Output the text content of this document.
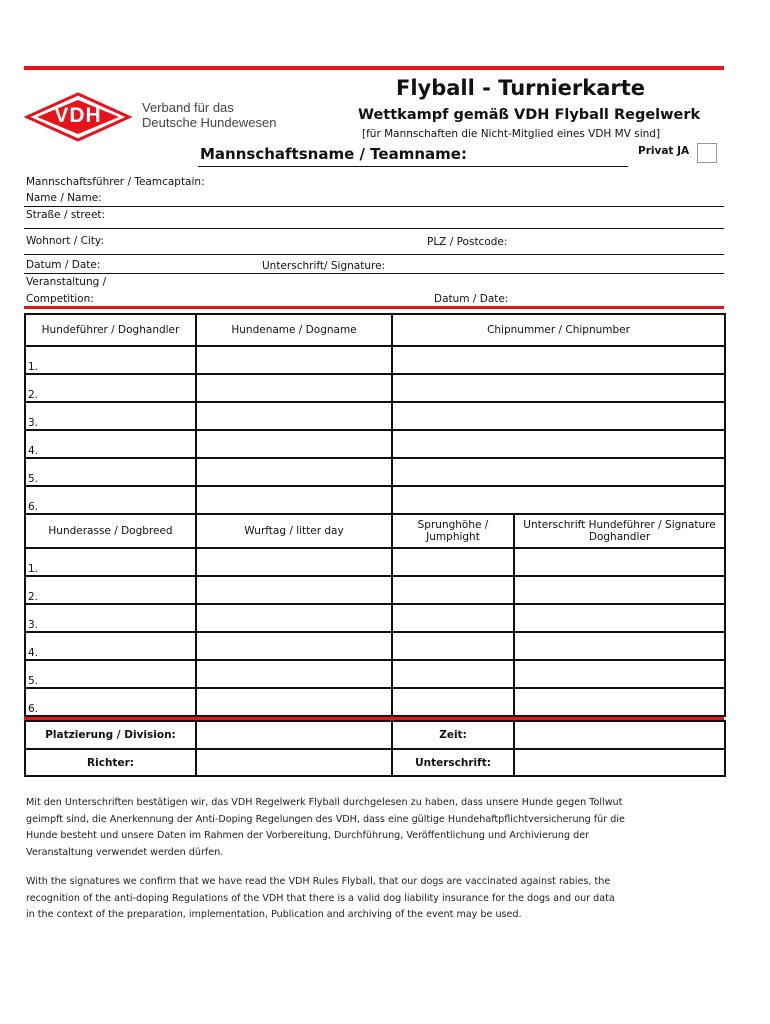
VDH	Verband für das
Deutsche Hundewesen
Flyball - Turnierkarte
Wettkampf gemäß VDH Flyball Regelwerk
[für Mannschaften die Nicht-Mitglied eines VDH MV sind]
Privat JA
Mannschaftsname / Teamname:
Mannschaftsführer / Teamcaptain:
Name / Name:
Straße / street:
Wohnort / City:	PLZ / Postcode:
Datum / Date:	Unterschrift/ Signature:
Veranstaltung /
Competition:	Datum / Date:
Hundeführer / Doghandler	Hundename / Dogname	Chipnummer / Chipnumber
1.		
2.		
3.		
4.		
5.		
6.		
Hunderasse / Dogbreed	Wurftag / litter day	Sprunghöhe / Jumphight	Unterschrift Hundeführer / Signature Doghandler
1.			
2.			
3.			
4.			
5.			
6.			
Platzierung / Division:		Zeit:	
Richter:		Unterschrift:	
Mit den Unterschriften bestätigen wir, das VDH Regelwerk Flyball durchgelesen zu haben, dass unsere Hunde gegen Tollwut geimpft sind, die Anerkennung der Anti-Doping Regelungen des VDH, dass eine gültige Hundehaftpflichtversicherung für die Hunde besteht und unsere Daten im Rahmen der Vorbereitung, Durchführung, Veröffentlichung und Archivierung der Veranstaltung verwendet werden dürfen.
With the signatures we confirm that we have read the VDH Rules Flyball, that our dogs are vaccinated against rabies, the recognition of the anti-doping Regulations of the VDH that there is a valid dog liability insurance for the dogs and our data in the context of the preparation, implementation, Publication and archiving of the event may be used.
